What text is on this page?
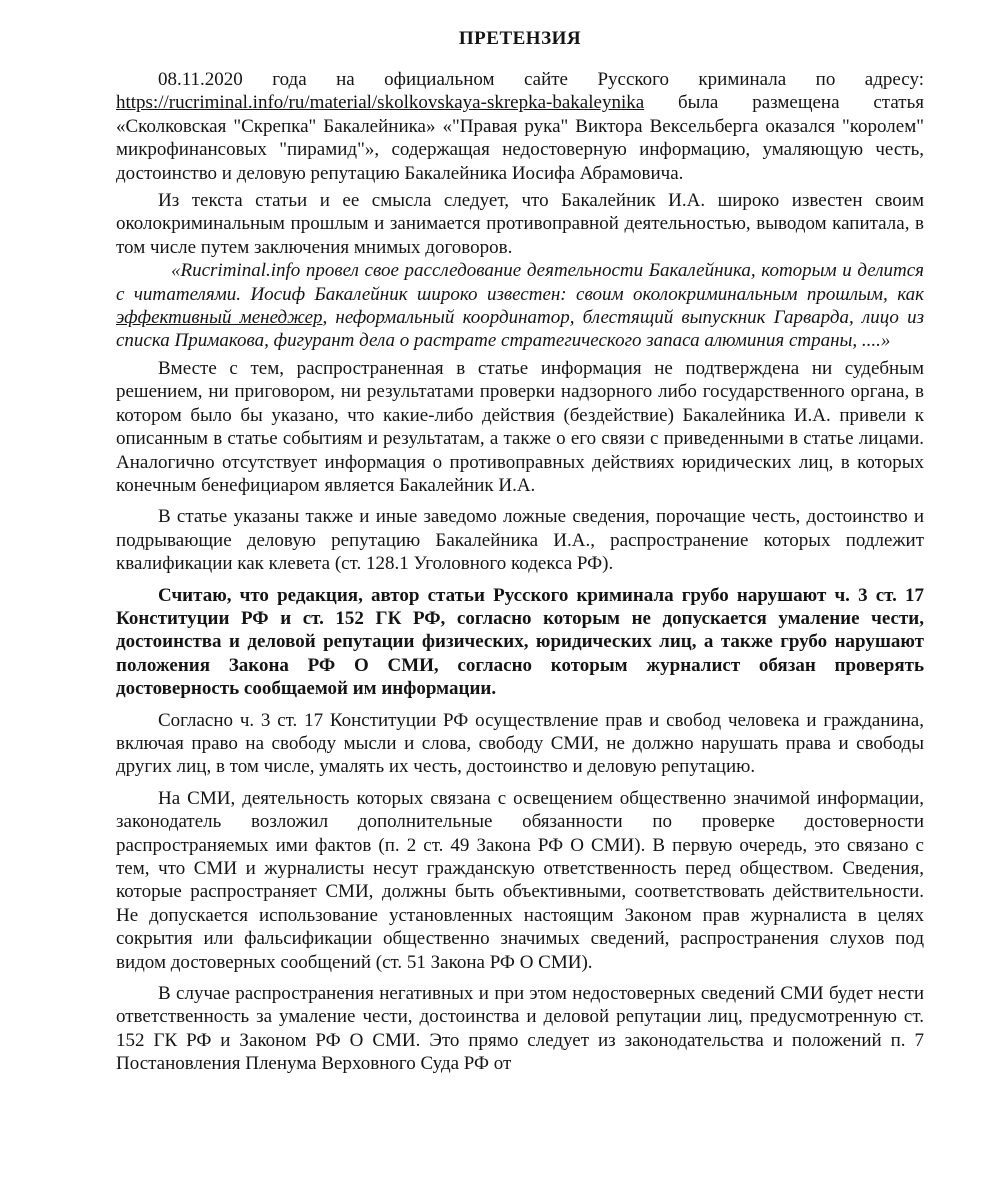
ПРЕТЕНЗИЯ

08.11.2020 года на официальном сайте Русского криминала по адресу: https://rucriminal.info/ru/material/skolkovskaya-skrepka-bakaleynika была размещена статья «Сколковская "Скрепка" Бакалейника» «"Правая рука" Виктора Вексельберга оказался "королем" микрофинансовых "пирамид"», содержащая недостоверную информацию, умаляющую честь, достоинство и деловую репутацию Бакалейника Иосифа Абрамовича.

Из текста статьи и ее смысла следует, что Бакалейник И.А. широко известен своим околокриминальным прошлым и занимается противоправной деятельностью, выводом капитала, в том числе путем заключения мнимых договоров.

«Rucriminal.info провел свое расследование деятельности Бакалейника, которым и делится с читателями. Иосиф Бакалейник широко известен: своим околокриминальным прошлым, как эффективный менеджер, неформальный координатор, блестящий выпускник Гарварда, лицо из списка Примакова, фигурант дела о растрате стратегического запаса алюминия страны, ....»

Вместе с тем, распространенная в статье информация не подтверждена ни судебным решением, ни приговором, ни результатами проверки надзорного либо государственного органа, в котором было бы указано, что какие-либо действия (бездействие) Бакалейника И.А. привели к описанным в статье событиям и результатам, а также о его связи с приведенными в статье лицами. Аналогично отсутствует информация о противоправных действиях юридических лиц, в которых конечным бенефициаром является Бакалейник И.А.

В статье указаны также и иные заведомо ложные сведения, порочащие честь, достоинство и подрывающие деловую репутацию Бакалейника И.А., распространение которых подлежит квалификации как клевета (ст. 128.1 Уголовного кодекса РФ).

Считаю, что редакция, автор статьи Русского криминала грубо нарушают ч. 3 ст. 17 Конституции РФ и ст. 152 ГК РФ, согласно которым не допускается умаление чести, достоинства и деловой репутации физических, юридических лиц, а также грубо нарушают положения Закона РФ О СМИ, согласно которым журналист обязан проверять достоверность сообщаемой им информации.

Согласно ч. 3 ст. 17 Конституции РФ осуществление прав и свобод человека и гражданина, включая право на свободу мысли и слова, свободу СМИ, не должно нарушать права и свободы других лиц, в том числе, умалять их честь, достоинство и деловую репутацию.

На СМИ, деятельность которых связана с освещением общественно значимой информации, законодатель возложил дополнительные обязанности по проверке достоверности распространяемых ими фактов (п. 2 ст. 49 Закона РФ О СМИ). В первую очередь, это связано с тем, что СМИ и журналисты несут гражданскую ответственность перед обществом. Сведения, которые распространяет СМИ, должны быть объективными, соответствовать действительности. Не допускается использование установленных настоящим Законом прав журналиста в целях сокрытия или фальсификации общественно значимых сведений, распространения слухов под видом достоверных сообщений (ст. 51 Закона РФ О СМИ).

В случае распространения негативных и при этом недостоверных сведений СМИ будет нести ответственность за умаление чести, достоинства и деловой репутации лиц, предусмотренную ст. 152 ГК РФ и Законом РФ О СМИ. Это прямо следует из законодательства и положений п. 7 Постановления Пленума Верховного Суда РФ от
